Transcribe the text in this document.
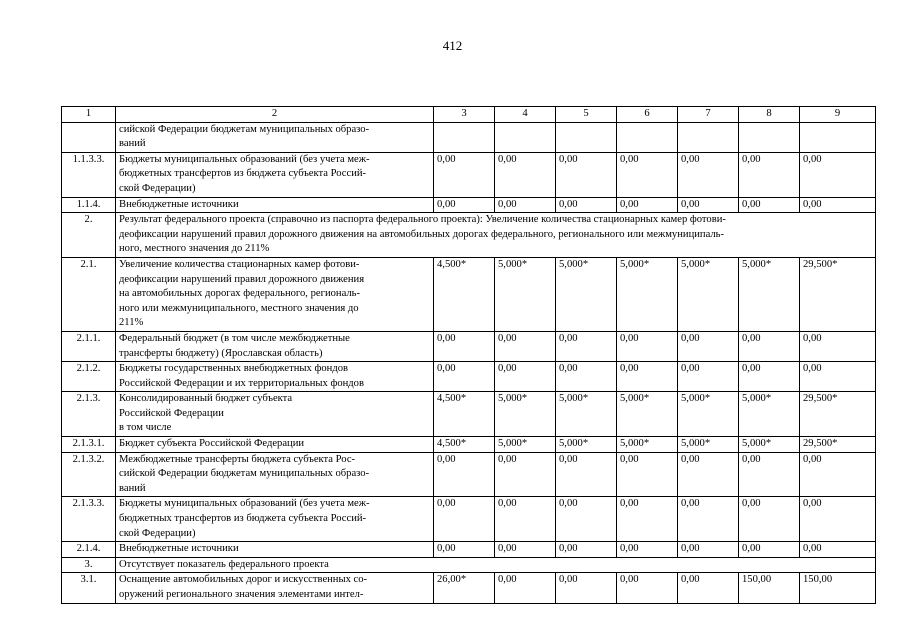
412
1	2	3	4	5	6	7	8	9
	сийской Федерации бюджетам муниципальных образо-
ваний							
1.1.3.3.	Бюджеты муниципальных образований (без учета меж-
бюджетных трансфертов из бюджета субъекта Россий-
ской Федерации)	0,00	0,00	0,00	0,00	0,00	0,00	0,00
1.1.4.	Внебюджетные источники	0,00	0,00	0,00	0,00	0,00	0,00	0,00
2.	Результат федерального проекта (справочно из паспорта федерального проекта): Увеличение количества стационарных камер фотови-
деофиксации нарушений правил дорожного движения на автомобильных дорогах федерального, регионального или межмуниципаль-
ного, местного значения до 211%							
2.1.	Увеличение количества стационарных камер фотови-
деофиксации нарушений правил дорожного движения
на автомобильных дорогах федерального, региональ-
ного или межмуниципального, местного значения до
211%	4,500*	5,000*	5,000*	5,000*	5,000*	5,000*	29,500*
2.1.1.	Федеральный бюджет (в том числе межбюджетные
трансферты бюджету) (Ярославская область)	0,00	0,00	0,00	0,00	0,00	0,00	0,00
2.1.2.	Бюджеты государственных внебюджетных фондов
Российской Федерации и их территориальных фондов	0,00	0,00	0,00	0,00	0,00	0,00	0,00
2.1.3.	Консолидированный бюджет субъекта
Российской Федерации
в том числе	4,500*	5,000*	5,000*	5,000*	5,000*	5,000*	29,500*
2.1.3.1.	Бюджет субъекта Российской Федерации	4,500*	5,000*	5,000*	5,000*	5,000*	5,000*	29,500*
2.1.3.2.	Межбюджетные трансферты бюджета субъекта Рос-
сийской Федерации бюджетам муниципальных образо-
ваний	0,00	0,00	0,00	0,00	0,00	0,00	0,00
2.1.3.3.	Бюджеты муниципальных образований (без учета меж-
бюджетных трансфертов из бюджета субъекта Россий-
ской Федерации)	0,00	0,00	0,00	0,00	0,00	0,00	0,00
2.1.4.	Внебюджетные источники	0,00	0,00	0,00	0,00	0,00	0,00	0,00
3.	Отсутствует показатель федерального проекта							
3.1.	Оснащение автомобильных дорог и искусственных со-
оружений регионального значения элементами интел-	26,00*	0,00	0,00	0,00	0,00	150,00	150,00
